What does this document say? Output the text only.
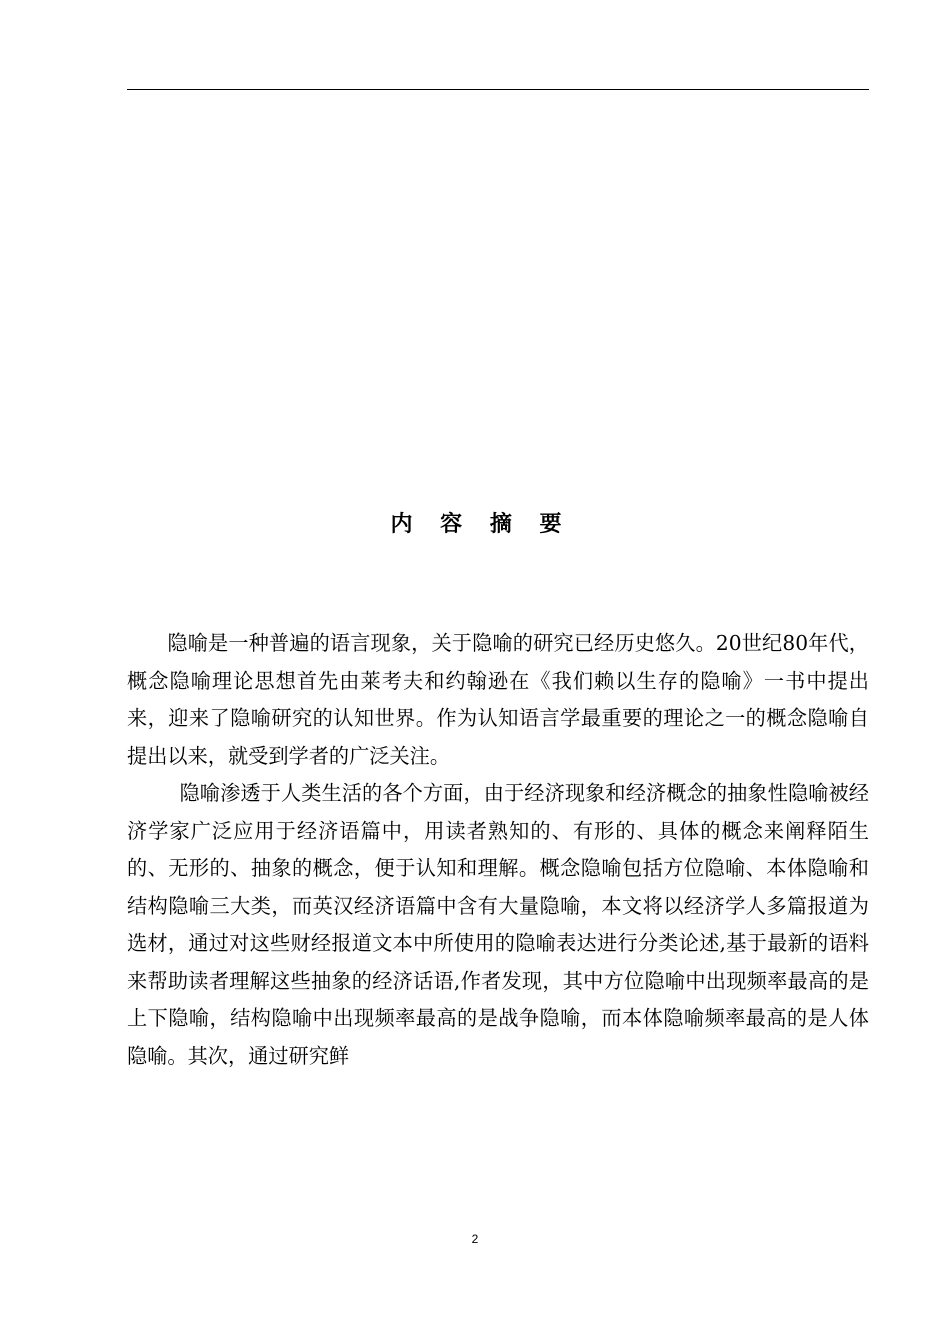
内 容 摘 要

隐喻是一种普遍的语言现象，关于隐喻的研究已经历史悠久。20世纪80年代，概念隐喻理论思想首先由莱考夫和约翰逊在《我们赖以生存的隐喻》一书中提出来，迎来了隐喻研究的认知世界。作为认知语言学最重要的理论之一的概念隐喻自提出以来，就受到学者的广泛关注。

隐喻渗透于人类生活的各个方面，由于经济现象和经济概念的抽象性隐喻被经济学家广泛应用于经济语篇中，用读者熟知的、有形的、具体的概念来阐释陌生的、无形的、抽象的概念，便于认知和理解。概念隐喻包括方位隐喻、本体隐喻和结构隐喻三大类，而英汉经济语篇中含有大量隐喻，本文将以经济学人多篇报道为选材，通过对这些财经报道文本中所使用的隐喻表达进行分类论述,基于最新的语料来帮助读者理解这些抽象的经济话语,作者发现，其中方位隐喻中出现频率最高的是上下隐喻，结构隐喻中出现频率最高的是战争隐喻，而本体隐喻频率最高的是人体隐喻。其次，通过研究鲜

2
